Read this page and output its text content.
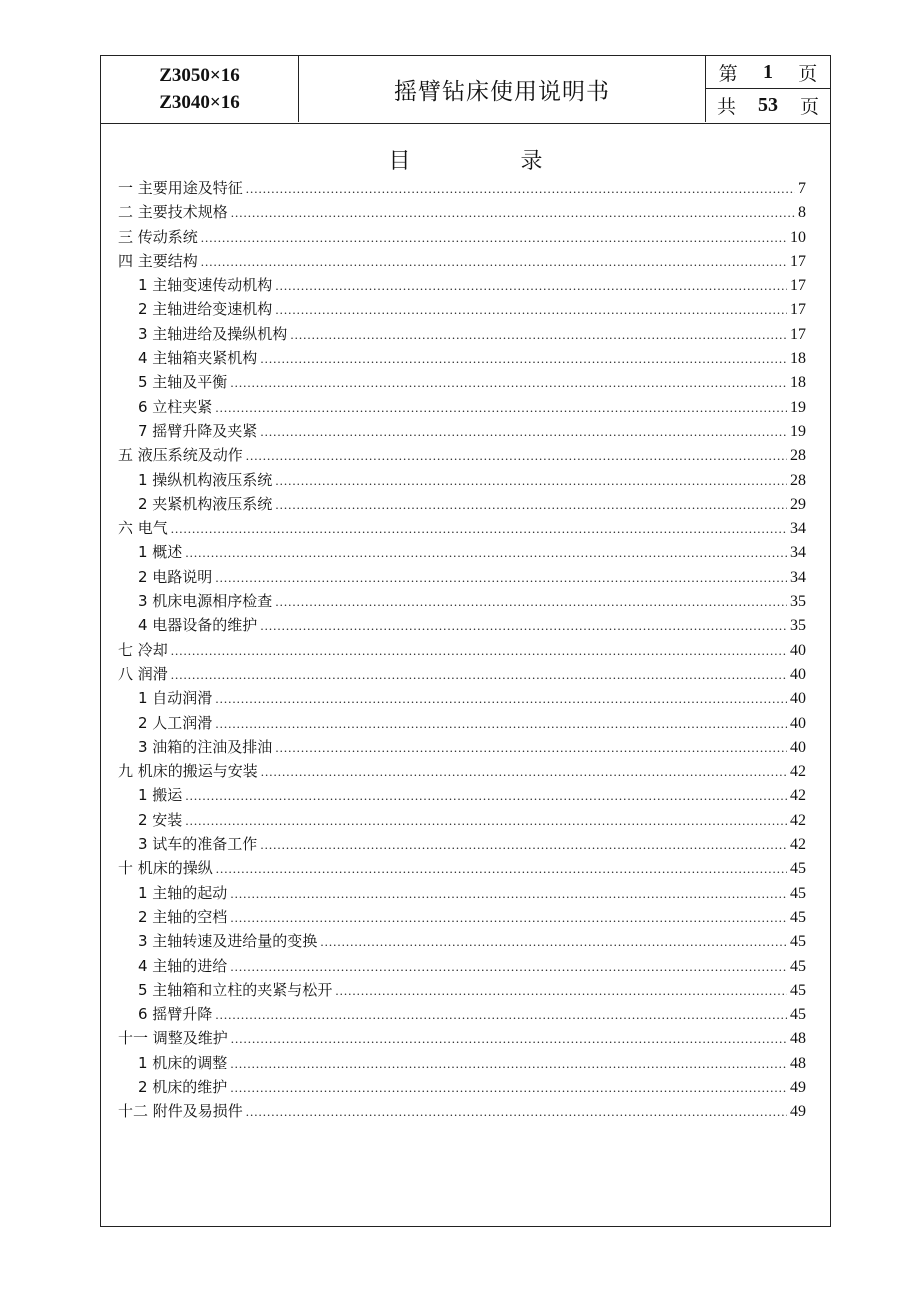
Z3050×16
Z3040×16	摇臂钻床使用说明书
第 1 页
共 53 页
目	录
一 主要用途及特征 .....	7
二 主要技术规格 .....	8
三 传动系统 .....	10
四 主要结构 .....	17
1 主轴变速传动机构 .....	17
2 主轴进给变速机构 .....	17
3 主轴进给及操纵机构 .....	17
4 主轴箱夹紧机构 .....	18
5 主轴及平衡 .....	18
6 立柱夹紧 .....	19
7 摇臂升降及夹紧 .....	19
五 液压系统及动作 .....	28
1 操纵机构液压系统 .....	28
2 夹紧机构液压系统 .....	29
六 电气 .....	34
1 概述 .....	34
2 电路说明 .....	34
3 机床电源相序检查 .....	35
4 电器设备的维护 .....	35
七 冷却 .....	40
八 润滑 .....	40
1 自动润滑 .....	40
2 人工润滑 .....	40
3 油箱的注油及排油 .....	40
九 机床的搬运与安装 .....	42
1 搬运 .....	42
2 安装 .....	42
3 试车的准备工作 .....	42
十 机床的操纵 .....	45
1 主轴的起动 .....	45
2 主轴的空档 .....	45
3 主轴转速及进给量的变换 .....	45
4 主轴的进给 .....	45
5 主轴箱和立柱的夹紧与松开 .....	45
6 摇臂升降 .....	45
十一 调整及维护 .....	48
1 机床的调整 .....	48
2 机床的维护 .....	49
十二 附件及易损件 .....	49
